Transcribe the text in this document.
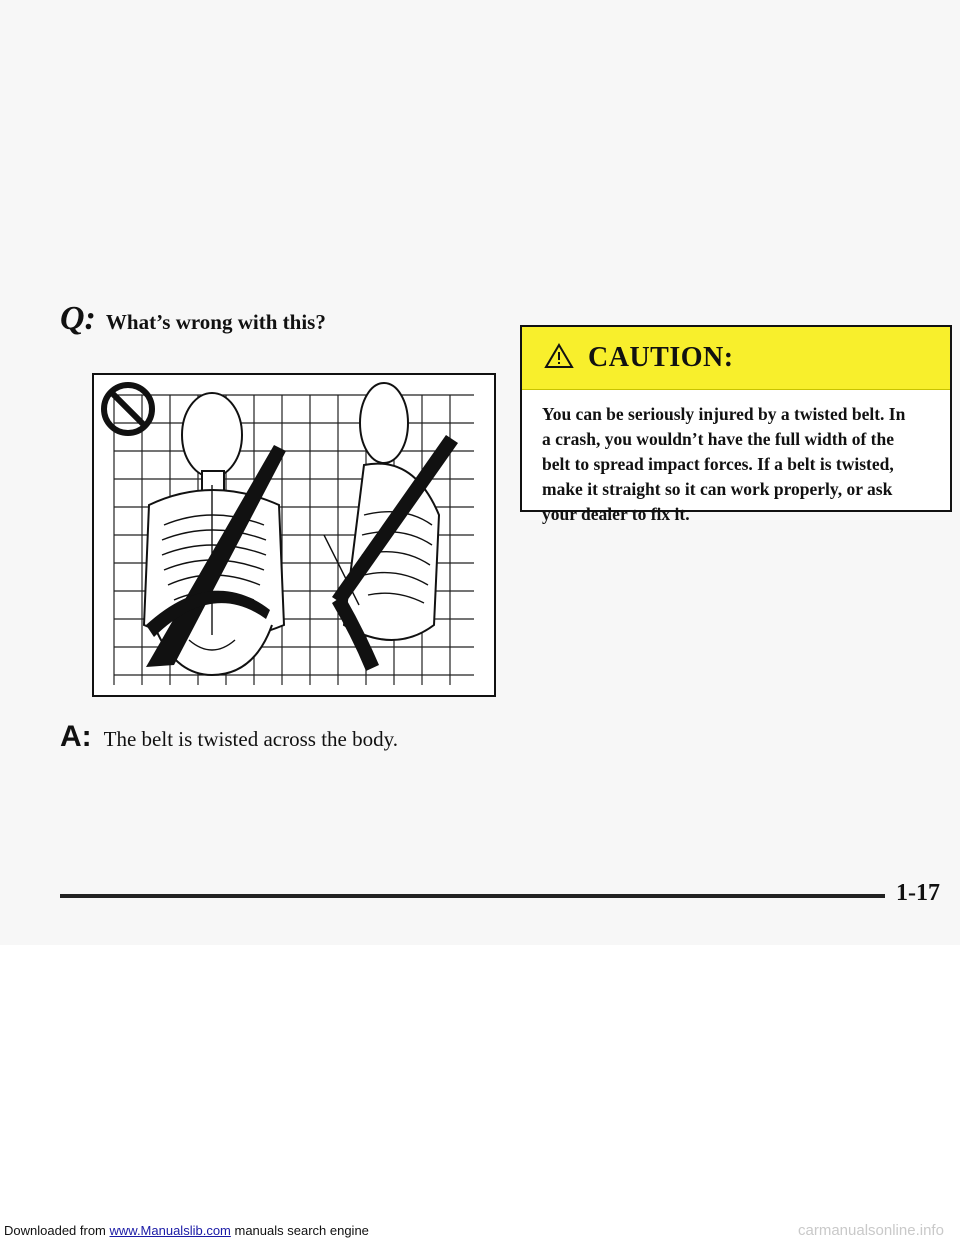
Q: What’s wrong with this?
A: The belt is twisted across the body.
CAUTION:
You can be seriously injured by a twisted belt. In
a crash, you wouldn’t have the full width of the
belt to spread impact forces. If a belt is twisted,
make it straight so it can work properly, or ask
your dealer to fix it.
1-17
Downloaded from www.Manualslib.com manuals search engine	carmanualsonline.info
